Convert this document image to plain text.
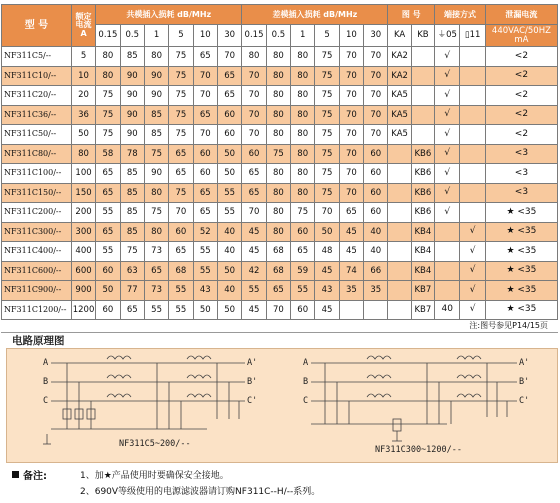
型 号	额定电流
A	共模插入损耗 dB/MHz						差模插入损耗 dB/MHz						图 号		端接方式		泄漏电流
		0.15	0.5	1	5	10	30	0.15	0.5	1	5	10	30	KA	KB	⏚05	▯11	440VAC/50HZ
mA
NF311C5/--	5	80	85	80	75	65	70	80	80	80	75	70	70	KA2		√		<2
NF311C10/--	10	80	90	90	75	70	65	70	80	80	75	70	70	KA2		√		<2
NF311C20/--	20	75	90	90	75	70	65	70	80	80	75	70	70	KA5		√		<2
NF311C36/--	36	75	90	85	75	65	60	70	80	80	75	70	70	KA5		√		<2
NF311C50/--	50	75	90	85	75	70	60	70	80	80	75	70	70	KA5		√		<2
NF311C80/--	80	58	78	75	65	60	50	60	75	80	75	70	60		KB6	√		<3
NF311C100/--	100	65	85	90	65	60	50	65	80	80	75	70	60		KB6	√		<3
NF311C150/--	150	65	85	80	75	65	55	65	80	80	75	70	60		KB6	√		<3
NF311C200/--	200	55	85	75	70	65	55	70	80	75	70	65	60		KB6	√		★ <35
NF311C300/--	300	65	85	80	60	52	40	45	80	60	50	45	40		KB4		√	★ <35
NF311C400/--	400	55	75	73	65	55	40	45	68	65	48	45	40		KB4		√	★ <35
NF311C600/--	600	60	63	65	68	55	50	42	68	59	45	74	66		KB4		√	★ <35
NF311C900/--	900	50	77	73	55	43	40	55	65	55	43	35	35		KB7		√	★ <35
NF311C1200/--	1200	60	65	55	55	50	50	45	70	60	45				KB7	40	√	★ <35
注:图号参见P14/15页
电路原理图
A
B
C
A'
B'
C'
A
B
C
A'
B'
C'
NF311C5~200/--
NF311C300~1200/--
备注:	1、加★产品使用时要确保安全接地。
2、690V等级使用的电源滤波器请订购NF311C--H/--系列。
